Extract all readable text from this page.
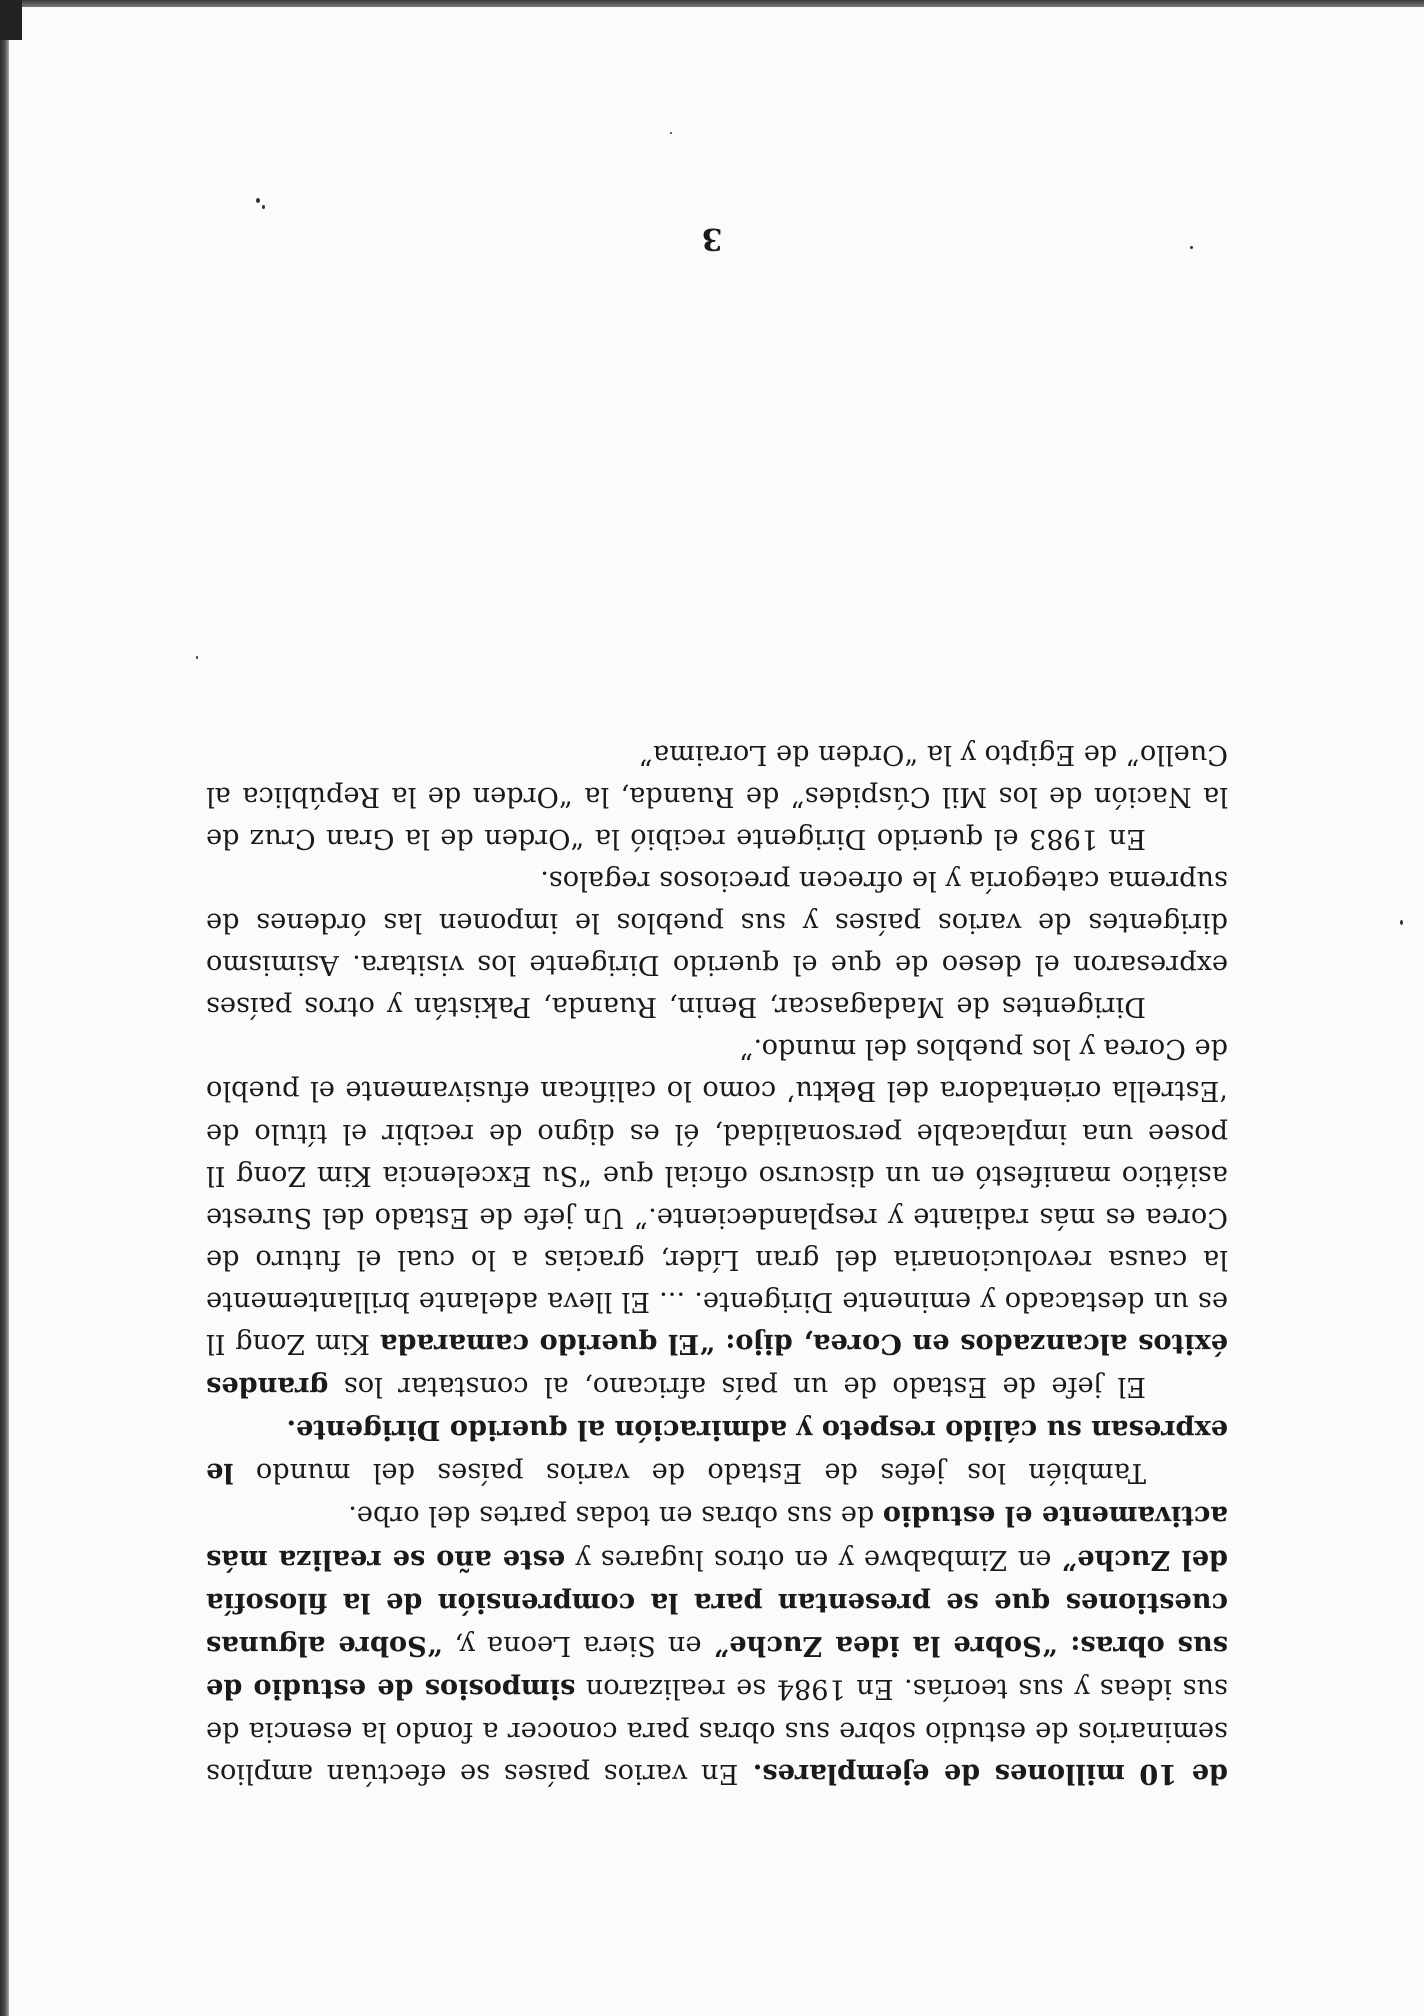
de 10 millones de ejemplares. En varios países se efectúan amplios seminarios de estudio sobre sus obras para conocer a fondo la esencia de sus ideas y sus teorías. En 1984 se realizaron simposios de estudio de sus obras: “Sobre la idea Zuche” en Siera Leona y, “Sobre algunas cuestiones que se presentan para la comprensión de la filosofía del Zuche” en Zimbabwe y en otros lugares y este año se realiza más activamente el estudio de sus obras en todas partes del orbe.

También los jefes de Estado de varios países del mundo le expresan su cálido respeto y admiración al querido Dirigente.

El jefe de Estado de un país africano, al constatar los grandes éxitos alcanzados en Corea, dijo: “El querido camarada Kim Zong Il es un destacado y eminente Dirigente. ... El lleva adelante brillantemente la causa revolucionaria del gran Líder, gracias a lo cual el futuro de Corea es más radiante y resplandeciente.” Un jefe de Estado del Sureste asiático manifestó en un discurso oficial que “Su Excelencia Kim Zong Il posee una implacable personalidad, él es digno de recibir el título de ‘Estrella orientadora del Bektu’ como lo califican efusivamente el pueblo de Corea y los pueblos del mundo.”

Dirigentes de Madagascar, Benin, Ruanda, Pakistán y otros países expresaron el deseo de que el querido Dirigente los visitara. Asimismo dirigentes de varios países y sus pueblos le imponen las órdenes de suprema categoría y le ofrecen preciosos regalos.

En 1983 el querido Dirigente recibió la “Orden de la Gran Cruz de la Nación de los Mil Cúspides” de Ruanda, la “Orden de la República al Cuello” de Egipto y la “Orden de Loraima”

3
